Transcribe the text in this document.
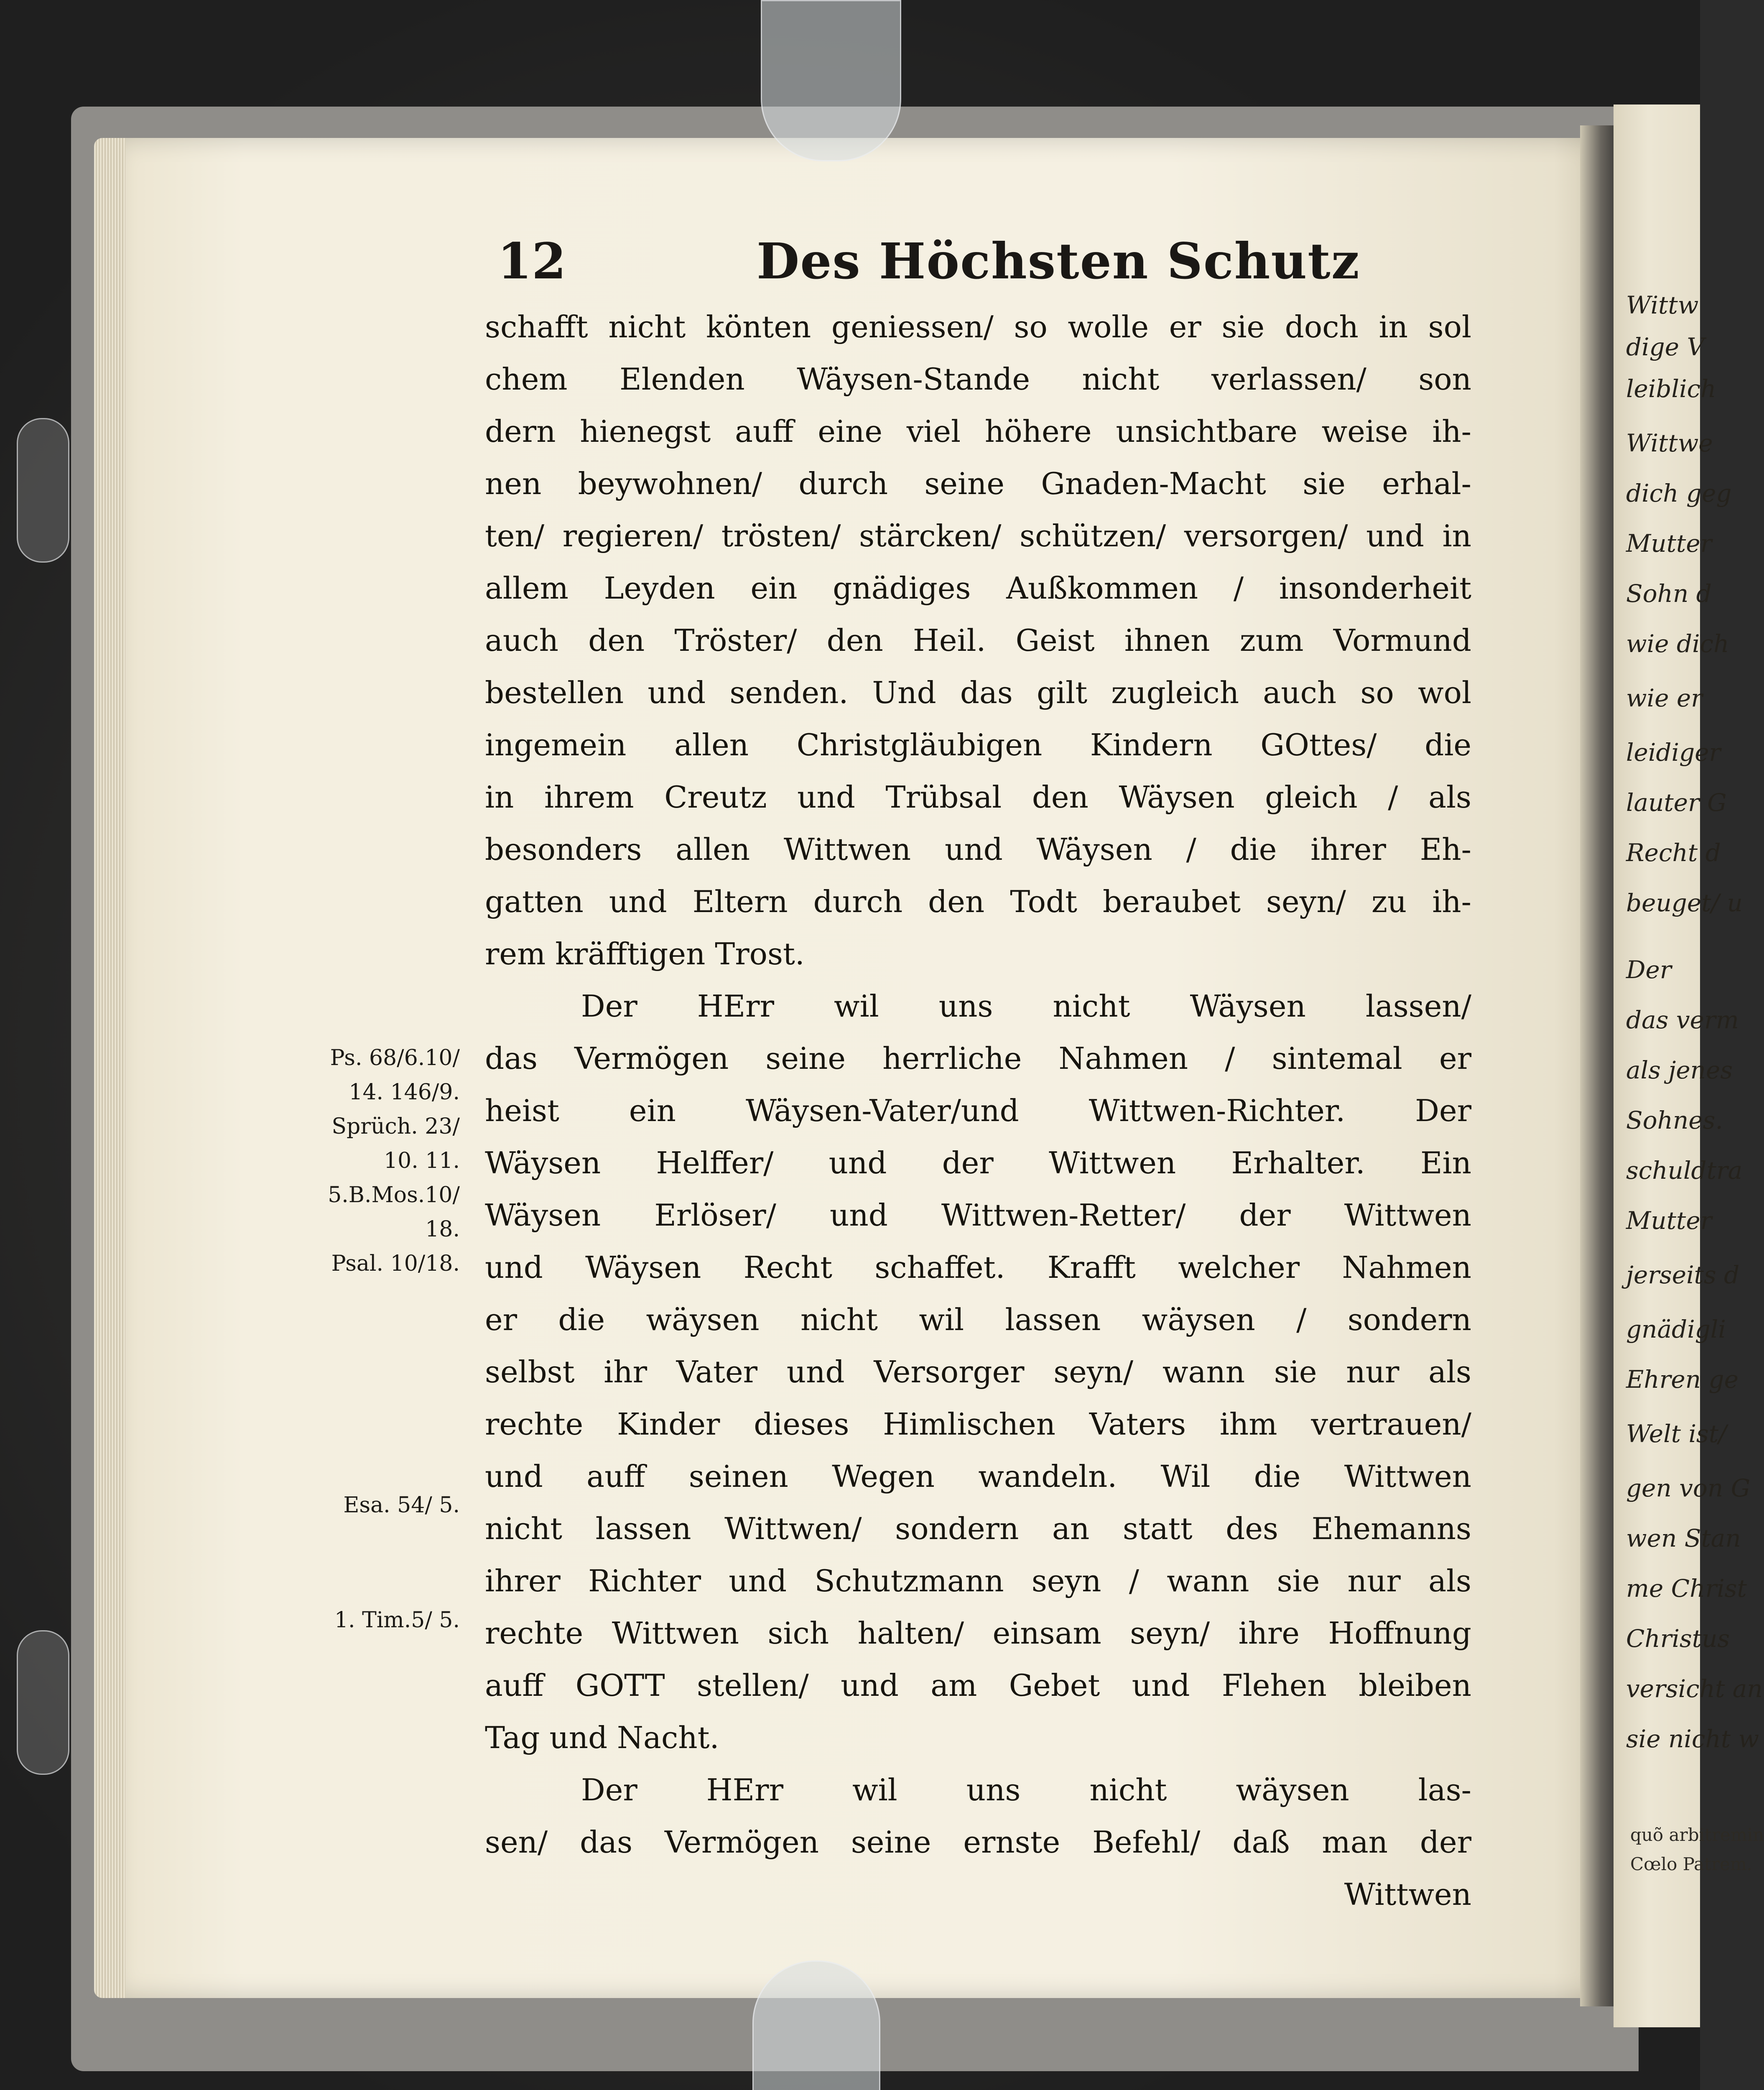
Wittw
dige V
leiblich
Wittwe
dich geg
Mutter
Sohn d
wie dich
wie er
leidiger
lauter G
Recht d
beuget/ u
Der
das verm
als jenes
Sohnes.
schuldtra
Mutter
jerseits d
gnädigli
Ehren ge
Welt ist/
gen von G
wen Stan
me Christ
Christus
versicht an
sie nicht w
quõ arbitremin
Cœlo Patrem.
12	Des Höchsten Schutz
schafft nicht könten geniessen/ so wolle er sie doch in sol
chem Elenden Wäysen-Stande nicht verlassen/ son
dern hienegst auff eine viel höhere unsichtbare weise ih-
nen beywohnen/ durch seine Gnaden-Macht sie erhal-
ten/ regieren/ trösten/ stärcken/ schützen/ versorgen/ und in
allem Leyden ein gnädiges Außkommen / insonderheit
auch den Tröster/ den Heil. Geist ihnen zum Vormund
bestellen und senden. Und das gilt zugleich auch so wol
ingemein allen Christgläubigen Kindern GOttes/ die
in ihrem Creutz und Trübsal den Wäysen gleich / als
besonders allen Wittwen und Wäysen / die ihrer Eh-
gatten und Eltern durch den Todt beraubet seyn/ zu ih-
rem kräfftigen Trost.
Der HErr wil uns nicht Wäysen lassen/
das Vermögen seine herrliche Nahmen / sintemal er
heist ein Wäysen-Vater/und Wittwen-Richter. Der
Wäysen Helffer/ und der Wittwen Erhalter. Ein
Wäysen Erlöser/ und Wittwen-Retter/ der Wittwen
und Wäysen Recht schaffet. Krafft welcher Nahmen
er die wäysen nicht wil lassen wäysen / sondern
selbst ihr Vater und Versorger seyn/ wann sie nur als
rechte Kinder dieses Himlischen Vaters ihm vertrauen/
und auff seinen Wegen wandeln. Wil die Wittwen
nicht lassen Wittwen/ sondern an statt des Ehemanns
ihrer Richter und Schutzmann seyn / wann sie nur als
rechte Wittwen sich halten/ einsam seyn/ ihre Hoffnung
auff GOTT stellen/ und am Gebet und Flehen bleiben
Tag und Nacht.
Der HErr wil uns nicht wäysen las-
sen/ das Vermögen seine ernste Befehl/ daß man der
Wittwen
Ps. 68/6.10/
14. 146/9.
Sprüch. 23/
10. 11.
5.B.Mos.10/
18.
Psal. 10/18.
Esa. 54/ 5.
1. Tim.5/ 5.
